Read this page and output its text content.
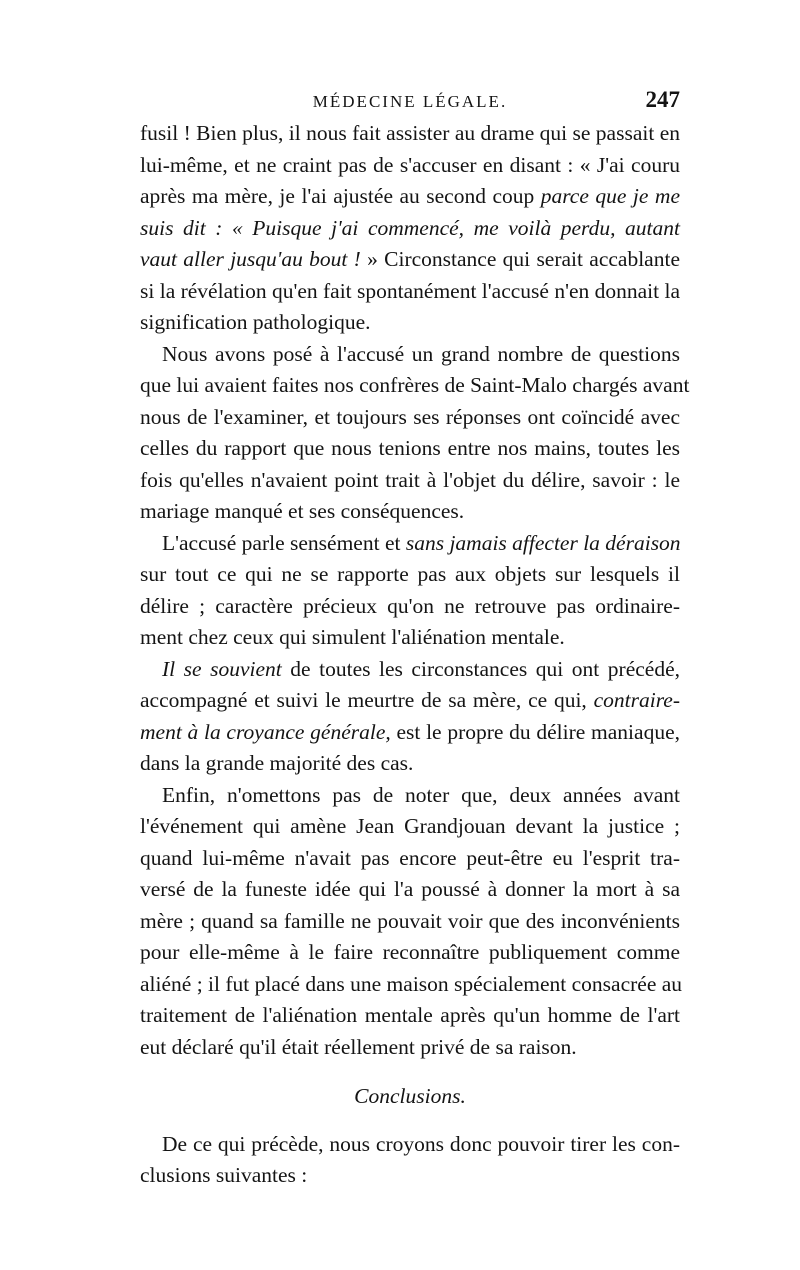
MÉDECINE LÉGALE.	247
fusil ! Bien plus, il nous fait assister au drame qui se passait en
lui-même, et ne craint pas de s'accuser en disant : « J'ai couru
après ma mère, je l'ai ajustée au second coup parce que je me
suis dit : « Puisque j'ai commencé, me voilà perdu, autant
vaut aller jusqu'au bout ! » Circonstance qui serait accablante
si la révélation qu'en fait spontanément l'accusé n'en donnait la
signification pathologique.
Nous avons posé à l'accusé un grand nombre de questions
que lui avaient faites nos confrères de Saint-Malo chargés avant
nous de l'examiner, et toujours ses réponses ont coïncidé avec
celles du rapport que nous tenions entre nos mains, toutes les
fois qu'elles n'avaient point trait à l'objet du délire, savoir : le
mariage manqué et ses conséquences.
L'accusé parle sensément et sans jamais affecter la déraison
sur tout ce qui ne se rapporte pas aux objets sur lesquels il
délire ; caractère précieux qu'on ne retrouve pas ordinaire-
ment chez ceux qui simulent l'aliénation mentale.
Il se souvient de toutes les circonstances qui ont précédé,
accompagné et suivi le meurtre de sa mère, ce qui, contraire-
ment à la croyance générale, est le propre du délire maniaque,
dans la grande majorité des cas.
Enfin, n'omettons pas de noter que, deux années avant
l'événement qui amène Jean Grandjouan devant la justice ;
quand lui-même n'avait pas encore peut-être eu l'esprit tra-
versé de la funeste idée qui l'a poussé à donner la mort à sa
mère ; quand sa famille ne pouvait voir que des inconvénients
pour elle-même à le faire reconnaître publiquement comme
aliéné ; il fut placé dans une maison spécialement consacrée au
traitement de l'aliénation mentale après qu'un homme de l'art
eut déclaré qu'il était réellement privé de sa raison.
Conclusions.
De ce qui précède, nous croyons donc pouvoir tirer les con-
clusions suivantes :
